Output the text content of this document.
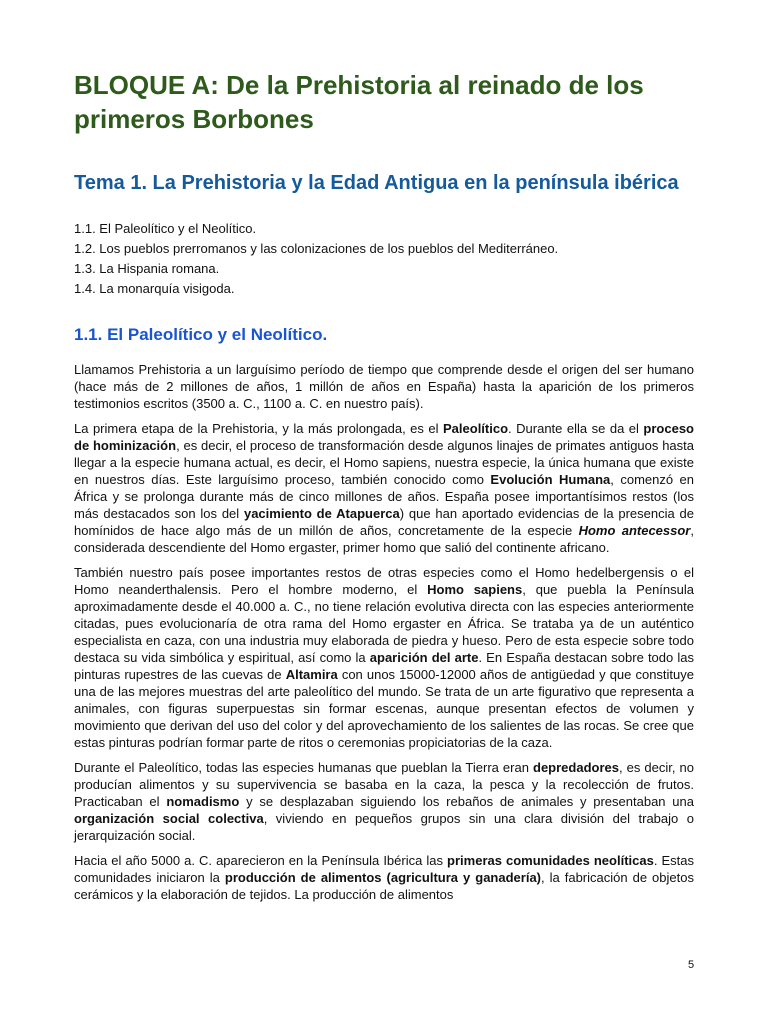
BLOQUE A: De la Prehistoria al reinado de los primeros Borbones
Tema 1. La Prehistoria y la Edad Antigua en la península ibérica
1.1. El Paleolítico y el Neolítico.
1.2. Los pueblos prerromanos y las colonizaciones de los pueblos del Mediterráneo.
1.3. La Hispania romana.
1.4. La monarquía visigoda.
1.1. El Paleolítico y el Neolítico.

Llamamos Prehistoria a un larguísimo período de tiempo que comprende desde el origen del ser humano (hace más de 2 millones de años, 1 millón de años en España) hasta la aparición de los primeros testimonios escritos (3500 a. C., 1100 a. C. en nuestro país).

La primera etapa de la Prehistoria, y la más prolongada, es el Paleolítico. Durante ella se da el proceso de hominización, es decir, el proceso de transformación desde algunos linajes de primates antiguos hasta llegar a la especie humana actual, es decir, el Homo sapiens, nuestra especie, la única humana que existe en nuestros días. Este larguísimo proceso, también conocido como Evolución Humana, comenzó en África y se prolonga durante más de cinco millones de años. España posee importantísimos restos (los más destacados son los del yacimiento de Atapuerca) que han aportado evidencias de la presencia de homínidos de hace algo más de un millón de años, concretamente de la especie Homo antecessor, considerada descendiente del Homo ergaster, primer homo que salió del continente africano.

También nuestro país posee importantes restos de otras especies como el Homo hedelbergensis o el Homo neanderthalensis. Pero el hombre moderno, el Homo sapiens, que puebla la Península aproximadamente desde el 40.000 a. C., no tiene relación evolutiva directa con las especies anteriormente citadas, pues evolucionaría de otra rama del Homo ergaster en África. Se trataba ya de un auténtico especialista en caza, con una industria muy elaborada de piedra y hueso. Pero de esta especie sobre todo destaca su vida simbólica y espiritual, así como la aparición del arte. En España destacan sobre todo las pinturas rupestres de las cuevas de Altamira con unos 15000-12000 años de antigüedad y que constituye una de las mejores muestras del arte paleolítico del mundo. Se trata de un arte figurativo que representa a animales, con figuras superpuestas sin formar escenas, aunque presentan efectos de volumen y movimiento que derivan del uso del color y del aprovechamiento de los salientes de las rocas. Se cree que estas pinturas podrían formar parte de ritos o ceremonias propiciatorias de la caza.

Durante el Paleolítico, todas las especies humanas que pueblan la Tierra eran depredadores, es decir, no producían alimentos y su supervivencia se basaba en la caza, la pesca y la recolección de frutos. Practicaban el nomadismo y se desplazaban siguiendo los rebaños de animales y presentaban una organización social colectiva, viviendo en pequeños grupos sin una clara división del trabajo o jerarquización social.

Hacia el año 5000 a. C. aparecieron en la Península Ibérica las primeras comunidades neolíticas. Estas comunidades iniciaron la producción de alimentos (agricultura y ganadería), la fabricación de objetos cerámicos y la elaboración de tejidos. La producción de alimentos

5
